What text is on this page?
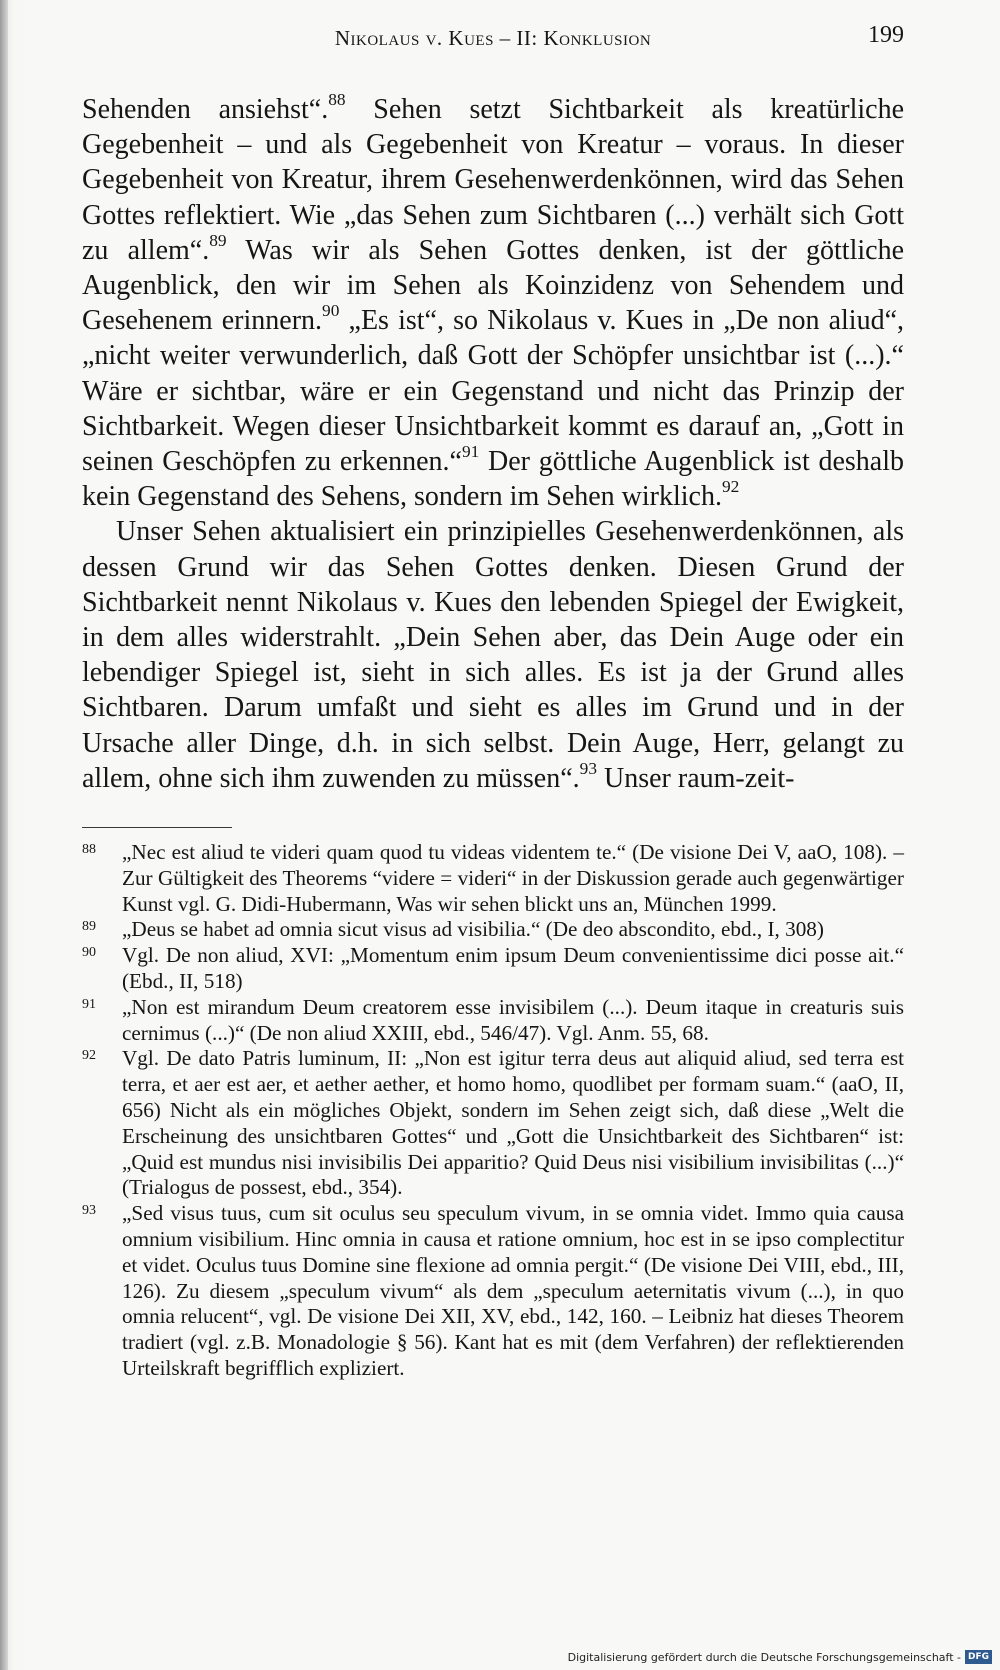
Nikolaus v. Kues – II: Konklusion	199

Sehenden ansiehst“.$^{88}$ Sehen setzt Sichtbarkeit als kreatürliche Gegebenheit – und als Gegebenheit von Kreatur – voraus. In dieser Gegebenheit von Kreatur, ihrem Gesehenwerdenkönnen, wird das Sehen Gottes reflektiert. Wie „das Sehen zum Sichtbaren (...) verhält sich Gott zu allem“.$^{89}$ Was wir als Sehen Gottes denken, ist der göttliche Augenblick, den wir im Sehen als Koinzidenz von Sehendem und Gesehenem erinnern.$^{90}$ „Es ist“, so Nikolaus v. Kues in „De non aliud“, „nicht weiter verwunderlich, daß Gott der Schöpfer unsichtbar ist (...).“ Wäre er sichtbar, wäre er ein Gegenstand und nicht das Prinzip der Sichtbarkeit. Wegen dieser Unsichtbarkeit kommt es darauf an, „Gott in seinen Geschöpfen zu erkennen.“$^{91}$ Der göttliche Augenblick ist deshalb kein Gegenstand des Sehens, sondern im Sehen wirklich.$^{92}$

Unser Sehen aktualisiert ein prinzipielles Gesehenwerdenkönnen, als dessen Grund wir das Sehen Gottes denken. Diesen Grund der Sichtbarkeit nennt Nikolaus v. Kues den lebenden Spiegel der Ewigkeit, in dem alles widerstrahlt. „Dein Sehen aber, das Dein Auge oder ein lebendiger Spiegel ist, sieht in sich alles. Es ist ja der Grund alles Sichtbaren. Darum umfaßt und sieht es alles im Grund und in der Ursache aller Dinge, d.h. in sich selbst. Dein Auge, Herr, gelangt zu allem, ohne sich ihm zuwenden zu müssen“.$^{93}$ Unser raum-zeit-

88 „Nec est aliud te videri quam quod tu videas videntem te.“ (De visione Dei V, aaO, 108). – Zur Gültigkeit des Theorems “videre = videri“ in der Diskussion gerade auch gegenwärtiger Kunst vgl. G. Didi-Hubermann, Was wir sehen blickt uns an, München 1999.
89 „Deus se habet ad omnia sicut visus ad visibilia.“ (De deo abscondito, ebd., I, 308)
90 Vgl. De non aliud, XVI: „Momentum enim ipsum Deum convenientissime dici posse ait.“ (Ebd., II, 518)
91 „Non est mirandum Deum creatorem esse invisibilem (...). Deum itaque in creaturis suis cernimus (...)“ (De non aliud XXIII, ebd., 546/47). Vgl. Anm. 55, 68.
92 Vgl. De dato Patris luminum, II: „Non est igitur terra deus aut aliquid aliud, sed terra est terra, et aer est aer, et aether aether, et homo homo, quodlibet per formam suam.“ (aaO, II, 656) Nicht als ein mögliches Objekt, sondern im Sehen zeigt sich, daß diese „Welt die Erscheinung des unsichtbaren Gottes“ und „Gott die Unsichtbarkeit des Sichtbaren“ ist: „Quid est mundus nisi invisibilis Dei apparitio? Quid Deus nisi visibilium invisibilitas (...)“ (Trialogus de possest, ebd., 354).
93 „Sed visus tuus, cum sit oculus seu speculum vivum, in se omnia videt. Immo quia causa omnium visibilium. Hinc omnia in causa et ratione omnium, hoc est in se ipso complectitur et videt. Oculus tuus Domine sine flexione ad omnia pergit.“ (De visione Dei VIII, ebd., III, 126). Zu diesem „speculum vivum“ als dem „speculum aeternitatis vivum (...), in quo omnia relucent“, vgl. De visione Dei XII, XV, ebd., 142, 160. – Leibniz hat dieses Theorem tradiert (vgl. z.B. Monadologie § 56). Kant hat es mit (dem Verfahren) der reflektierenden Urteilskraft begrifflich expliziert.
Digitalisierung gefördert durch die Deutsche Forschungsgemeinschaft - DFG
